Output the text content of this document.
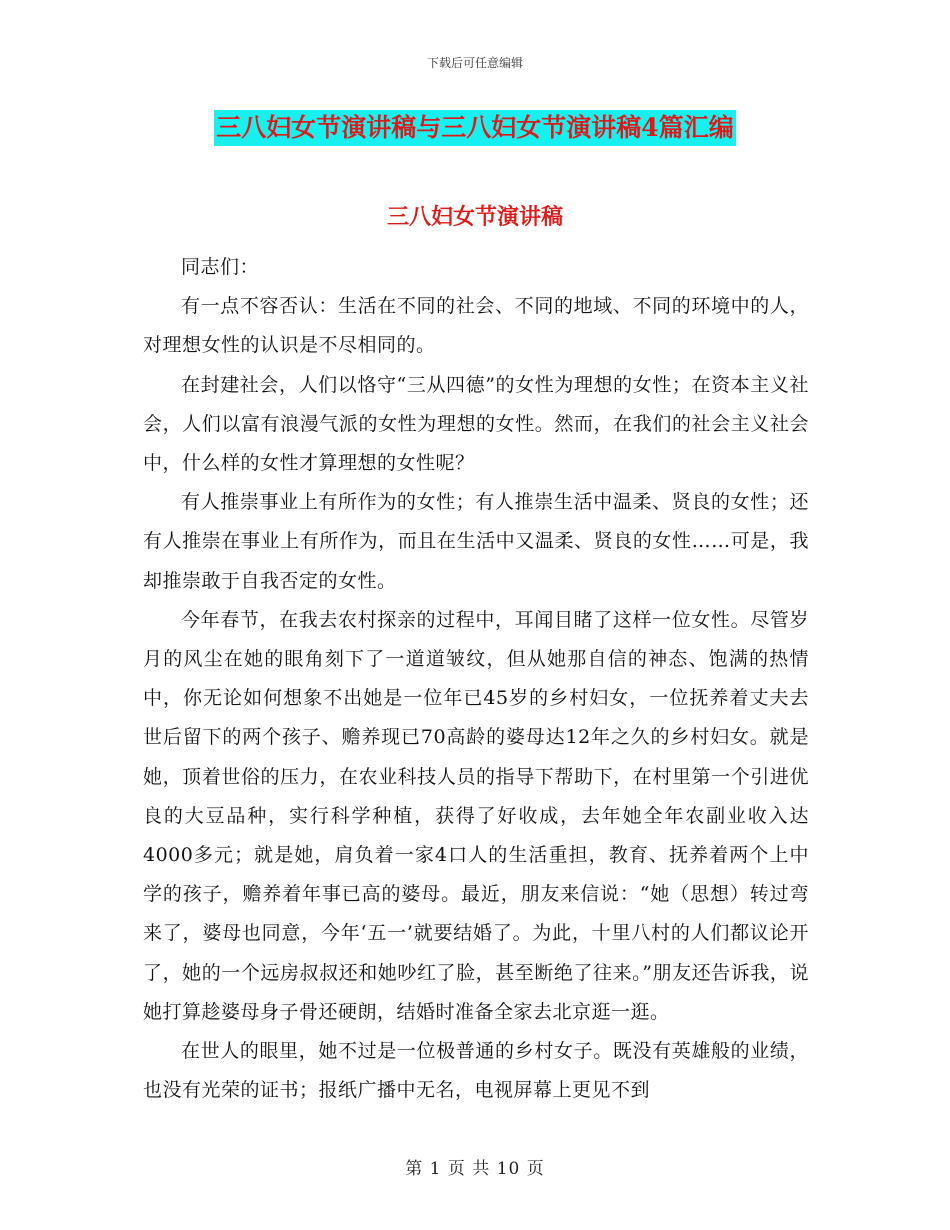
下载后可任意编辑
三八妇女节演讲稿与三八妇女节演讲稿4篇汇编
三八妇女节演讲稿

同志们：

有一点不容否认：生活在不同的社会、不同的地域、不同的环境中的人，对理想女性的认识是不尽相同的。

在封建社会，人们以恪守“三从四德”的女性为理想的女性；在资本主义社会，人们以富有浪漫气派的女性为理想的女性。然而，在我们的社会主义社会中，什么样的女性才算理想的女性呢？

有人推崇事业上有所作为的女性；有人推崇生活中温柔、贤良的女性；还有人推崇在事业上有所作为，而且在生活中又温柔、贤良的女性……可是，我却推崇敢于自我否定的女性。

今年春节，在我去农村探亲的过程中，耳闻目睹了这样一位女性。尽管岁月的风尘在她的眼角刻下了一道道皱纹，但从她那自信的神态、饱满的热情中，你无论如何想象不出她是一位年已45岁的乡村妇女，一位抚养着丈夫去世后留下的两个孩子、赡养现已70高龄的婆母达12年之久的乡村妇女。就是她，顶着世俗的压力，在农业科技人员的指导下帮助下，在村里第一个引进优良的大豆品种，实行科学种植，获得了好收成，去年她全年农副业收入达4000多元；就是她，肩负着一家4口人的生活重担，教育、抚养着两个上中学的孩子，赡养着年事已高的婆母。最近，朋友来信说：“她（思想）转过弯来了，婆母也同意，今年‘五一’就要结婚了。为此，十里八村的人们都议论开了，她的一个远房叔叔还和她吵红了脸，甚至断绝了往来。”朋友还告诉我，说她打算趁婆母身子骨还硬朗，结婚时准备全家去北京逛一逛。

在世人的眼里，她不过是一位极普通的乡村女子。既没有英雄般的业绩，也没有光荣的证书；报纸广播中无名，电视屏幕上更见不到

第 1 页 共 10 页
